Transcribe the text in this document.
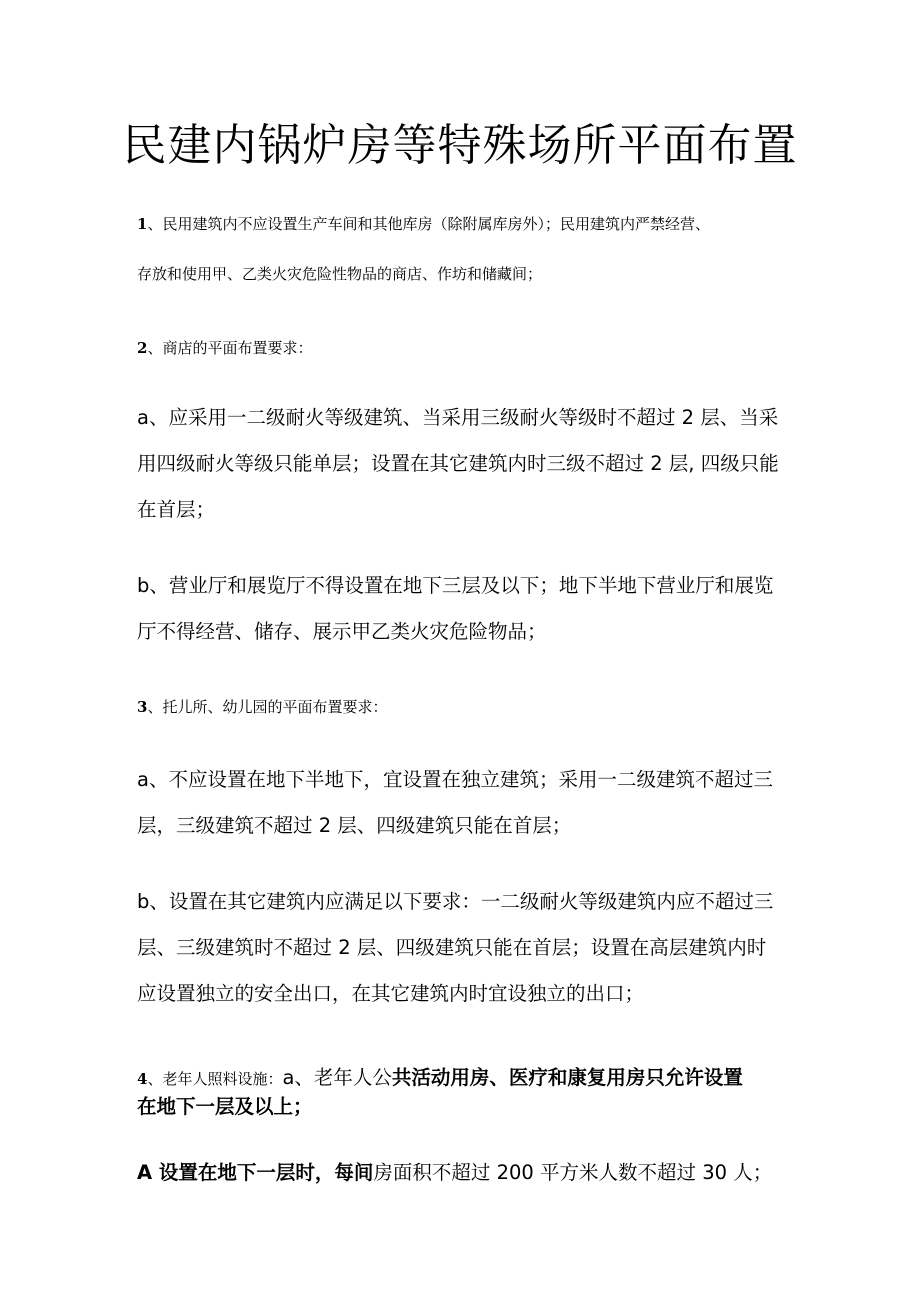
民建内锅炉房等特殊场所平面布置

1、民用建筑内不应设置生产车间和其他库房（除附属库房外）；民用建筑内严禁经营、

存放和使用甲、乙类火灾危险性物品的商店、作坊和储藏间；

2、商店的平面布置要求：

a、应采用一二级耐火等级建筑、当采用三级耐火等级时不超过 2 层、当采

用四级耐火等级只能单层；设置在其它建筑内时三级不超过 2 层, 四级只能

在首层；

b、营业厅和展览厅不得设置在地下三层及以下；地下半地下营业厅和展览

厅不得经营、储存、展示甲乙类火灾危险物品；

3、托儿所、幼儿园的平面布置要求：

a、不应设置在地下半地下，宜设置在独立建筑；采用一二级建筑不超过三

层，三级建筑不超过 2 层、四级建筑只能在首层；

b、设置在其它建筑内应满足以下要求：一二级耐火等级建筑内应不超过三

层、三级建筑时不超过 2 层、四级建筑只能在首层；设置在高层建筑内时

应设置独立的安全出口，在其它建筑内时宜设独立的出口；

4、老年人照料设施：a、老年人公共活动用房、医疗和康复用房只允许设置

在地下一层及以上；

A 设置在地下一层时，每间房面积不超过 200 平方米人数不超过 30 人；
